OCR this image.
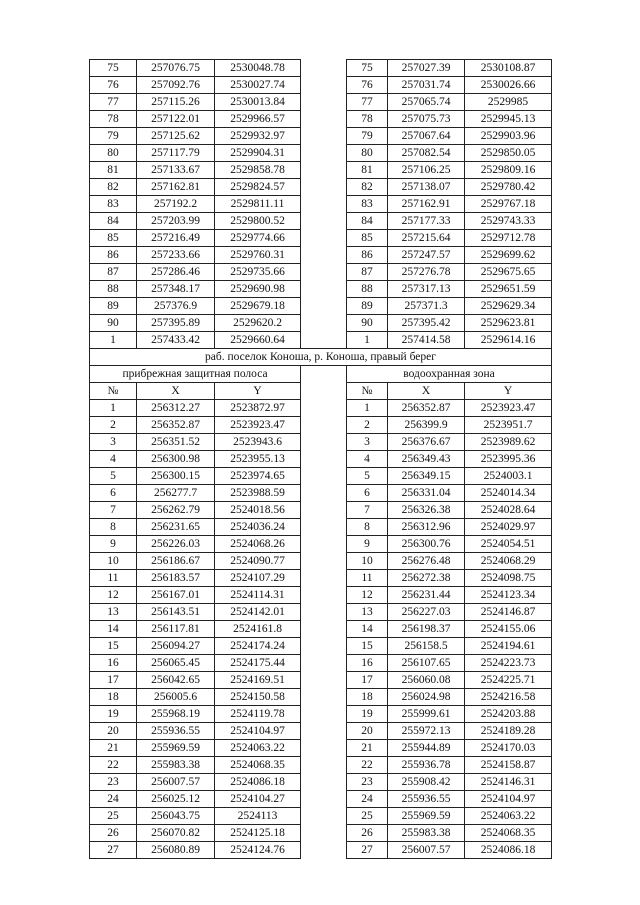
75	257076.75	2530048.78		75	257027.39	2530108.87
76	257092.76	2530027.74		76	257031.74	2530026.66
77	257115.26	2530013.84		77	257065.74	2529985
78	257122.01	2529966.57		78	257075.73	2529945.13
79	257125.62	2529932.97		79	257067.64	2529903.96
80	257117.79	2529904.31		80	257082.54	2529850.05
81	257133.67	2529858.78		81	257106.25	2529809.16
82	257162.81	2529824.57		82	257138.07	2529780.42
83	257192.2	2529811.11		83	257162.91	2529767.18
84	257203.99	2529800.52		84	257177.33	2529743.33
85	257216.49	2529774.66		85	257215.64	2529712.78
86	257233.66	2529760.31		86	257247.57	2529699.62
87	257286.46	2529735.66		87	257276.78	2529675.65
88	257348.17	2529690.98		88	257317.13	2529651.59
89	257376.9	2529679.18		89	257371.3	2529629.34
90	257395.89	2529620.2		90	257395.42	2529623.81
1	257433.42	2529660.64		1	257414.58	2529614.16
раб. поселок Коноша, р. Коноша, правый берег						
прибрежная защитная полоса				водоохранная зона		
№	X	Y		№	X	Y
1	256312.27	2523872.97		1	256352.87	2523923.47
2	256352.87	2523923.47		2	256399.9	2523951.7
3	256351.52	2523943.6		3	256376.67	2523989.62
4	256300.98	2523955.13		4	256349.43	2523995.36
5	256300.15	2523974.65		5	256349.15	2524003.1
6	256277.7	2523988.59		6	256331.04	2524014.34
7	256262.79	2524018.56		7	256326.38	2524028.64
8	256231.65	2524036.24		8	256312.96	2524029.97
9	256226.03	2524068.26		9	256300.76	2524054.51
10	256186.67	2524090.77		10	256276.48	2524068.29
11	256183.57	2524107.29		11	256272.38	2524098.75
12	256167.01	2524114.31		12	256231.44	2524123.34
13	256143.51	2524142.01		13	256227.03	2524146.87
14	256117.81	2524161.8		14	256198.37	2524155.06
15	256094.27	2524174.24		15	256158.5	2524194.61
16	256065.45	2524175.44		16	256107.65	2524223.73
17	256042.65	2524169.51		17	256060.08	2524225.71
18	256005.6	2524150.58		18	256024.98	2524216.58
19	255968.19	2524119.78		19	255999.61	2524203.88
20	255936.55	2524104.97		20	255972.13	2524189.28
21	255969.59	2524063.22		21	255944.89	2524170.03
22	255983.38	2524068.35		22	255936.78	2524158.87
23	256007.57	2524086.18		23	255908.42	2524146.31
24	256025.12	2524104.27		24	255936.55	2524104.97
25	256043.75	2524113		25	255969.59	2524063.22
26	256070.82	2524125.18		26	255983.38	2524068.35
27	256080.89	2524124.76		27	256007.57	2524086.18
